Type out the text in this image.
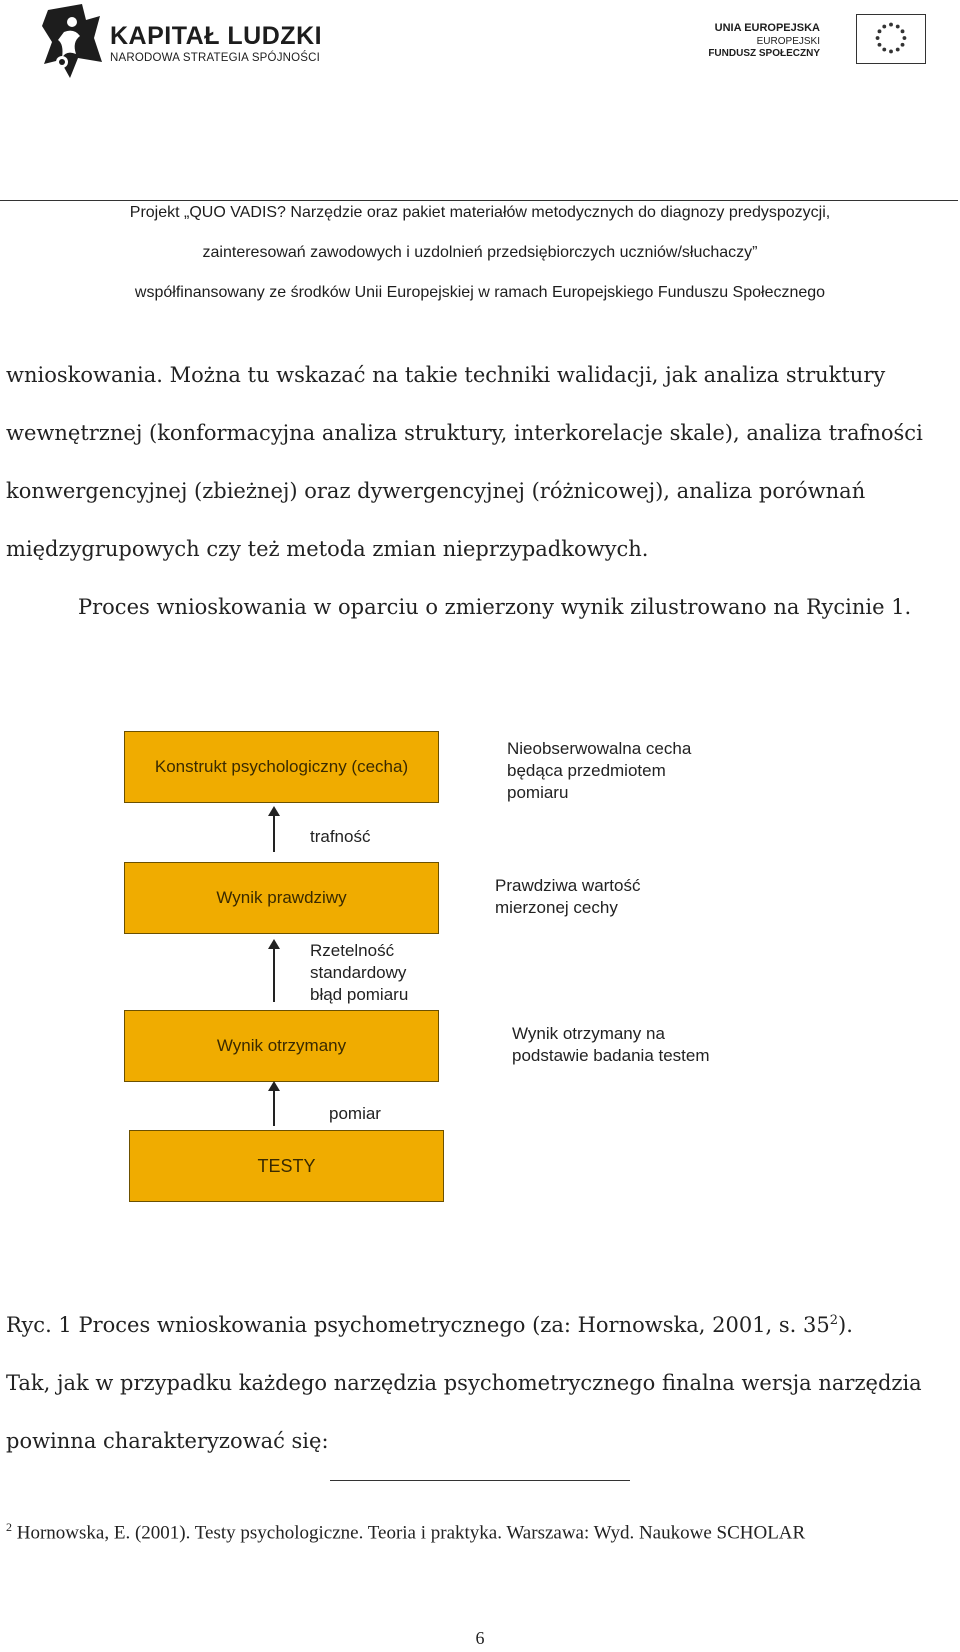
KAPITAŁ LUDZKI
NARODOWA STRATEGIA SPÓJNOŚCI
UNIA EUROPEJSKA
EUROPEJSKI
FUNDUSZ SPOŁECZNY
Projekt „QUO VADIS? Narzędzie oraz pakiet materiałów metodycznych do diagnozy predyspozycji,
zainteresowań zawodowych i uzdolnień przedsiębiorczych uczniów/słuchaczy”
współfinansowany ze środków Unii Europejskiej w ramach Europejskiego Funduszu Społecznego
wnioskowania. Można tu wskazać na takie techniki walidacji, jak analiza struktury
wewnętrznej (konformacyjna analiza struktury, interkorelacje skale), analiza trafności
konwergencyjnej (zbieżnej) oraz dywergencyjnej (różnicowej), analiza porównań
międzygrupowych czy też metoda zmian nieprzypadkowych.
Proces wnioskowania w oparciu o zmierzony wynik zilustrowano na Rycinie 1.
Konstrukt psychologiczny (cecha)
Wynik prawdziwy
Wynik otrzymany
TESTY
trafność
Rzetelność
standardowy
błąd pomiaru
pomiar
Nieobserwowalna cecha
będąca przedmiotem
pomiaru
Prawdziwa wartość
mierzonej cechy
Wynik otrzymany na
podstawie badania testem
Ryc. 1 Proces wnioskowania psychometrycznego (za: Hornowska, 2001, s. $35^2$).
Tak, jak w przypadku każdego narzędzia psychometrycznego finalna wersja narzędzia
powinna charakteryzować się:
$^2$ Hornowska, E. (2001). Testy psychologiczne. Teoria i praktyka. Warszawa: Wyd. Naukowe SCHOLAR
6
